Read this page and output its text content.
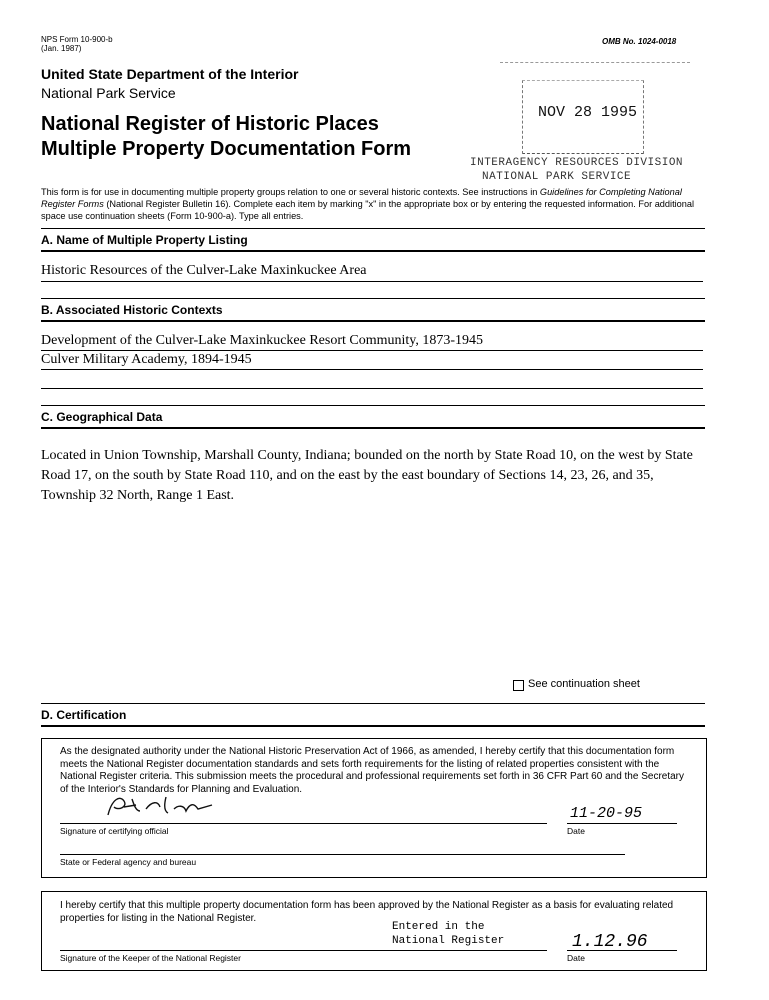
NPS Form 10-900-b
(Jan. 1987)
OMB No. 1024-0018
United State Department of the Interior
National Park Service
National Register of Historic Places
Multiple Property Documentation Form
NOV 28 1995
INTERAGENCY RESOURCES DIVISION
NATIONAL PARK SERVICE
This form is for use in documenting multiple property groups relation to one or several historic contexts. See instructions in Guidelines for Completing National Register Forms (National Register Bulletin 16). Complete each item by marking "x" in the appropriate box or by entering the requested information. For additional space use continuation sheets (Form 10-900-a). Type all entries.
A. Name of Multiple Property Listing
Historic Resources of the Culver-Lake Maxinkuckee Area
B. Associated Historic Contexts
Development of the Culver-Lake Maxinkuckee Resort Community, 1873-1945
Culver Military Academy, 1894-1945
C. Geographical Data
Located in Union Township, Marshall County, Indiana; bounded on the north by State Road 10, on the west by State Road 17, on the south by State Road 110, and on the east by the east boundary of Sections 14, 23, 26, and 35, Township 32 North, Range 1 East.
See continuation sheet
D. Certification
As the designated authority under the National Historic Preservation Act of 1966, as amended, I hereby certify that this documentation form meets the National Register documentation standards and sets forth requirements for the listing of related properties consistent with the National Register criteria. This submission meets the procedural and professional requirements set forth in 36 CFR Part 60 and the Secretary of the Interior's Standards for Planning and Evaluation.
11-20-95
Signature of certifying official	Date
State or Federal agency and bureau
I hereby certify that this multiple property documentation form has been approved by the National Register as a basis for evaluating related properties for listing in the National Register.
Entered in the
National Register	1.12.96
Signature of the Keeper of the National Register	Date
